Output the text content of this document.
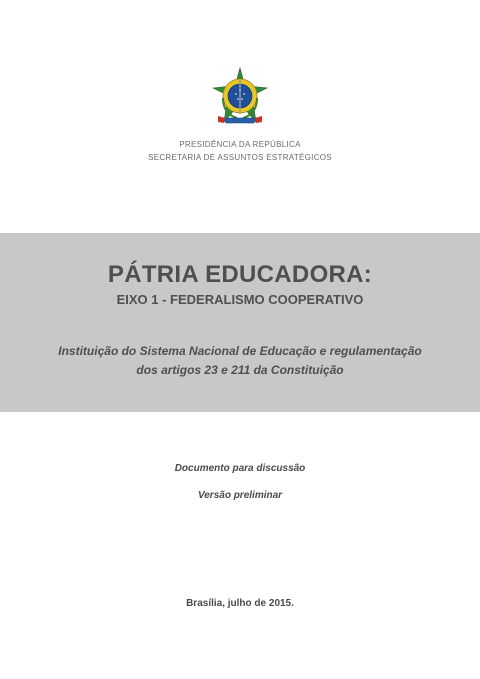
PRESIDÊNCIA DA REPÚBLICA
SECRETARIA DE ASSUNTOS ESTRATÉGICOS
PÁTRIA EDUCADORA:
EIXO 1 - FEDERALISMO COOPERATIVO
Instituição do Sistema Nacional de Educação e regulamentação
dos artigos 23 e 211 da Constituição
Documento para discussão
Versão preliminar
Brasília, julho de 2015.
